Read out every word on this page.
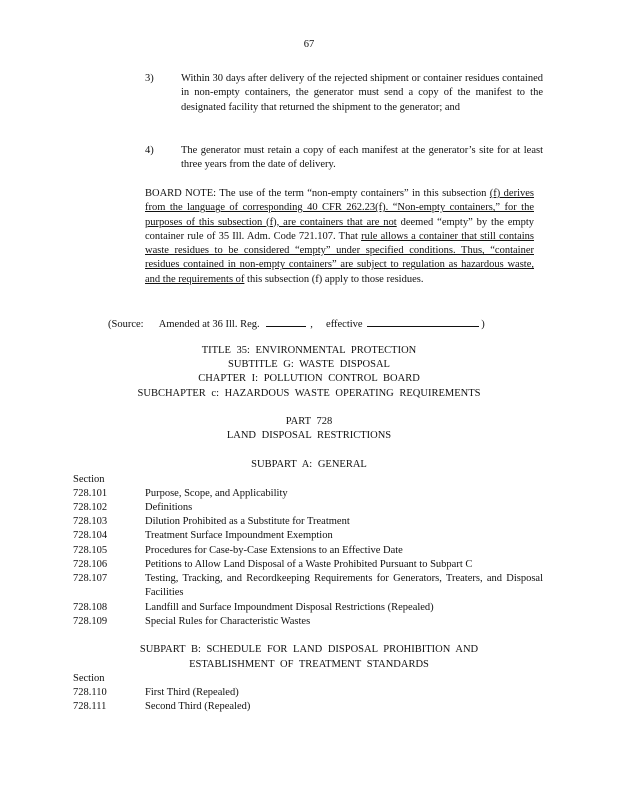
67
3)	Within 30 days after delivery of the rejected shipment or container residues contained in non-empty containers, the generator must send a copy of the manifest to the designated facility that returned the shipment to the generator; and
4)	The generator must retain a copy of each manifest at the generator’s site for at least three years from the date of delivery.
BOARD NOTE: The use of the term “non-empty containers” in this subsection (f) derives from the language of corresponding 40 CFR 262.23(f). “Non-empty containers,” for the purposes of this subsection (f), are containers that are not deemed “empty” by the empty container rule of 35 Ill. Adm. Code 721.107. That rule allows a container that still contains waste residues to be considered “empty” under specified conditions. Thus, “container residues contained in non-empty containers” are subject to regulation as hazardous waste, and the requirements of this subsection (f) apply to those residues.
(Source: Amended at 36 Ill. Reg.	, effective	)
TITLE 35: ENVIRONMENTAL PROTECTION
SUBTITLE G: WASTE DISPOSAL
CHAPTER I: POLLUTION CONTROL BOARD
SUBCHAPTER c: HAZARDOUS WASTE OPERATING REQUIREMENTS
PART 728
LAND DISPOSAL RESTRICTIONS
SUBPART A: GENERAL
Section
728.101	Purpose, Scope, and Applicability
728.102	Definitions
728.103	Dilution Prohibited as a Substitute for Treatment
728.104	Treatment Surface Impoundment Exemption
728.105	Procedures for Case-by-Case Extensions to an Effective Date
728.106	Petitions to Allow Land Disposal of a Waste Prohibited Pursuant to Subpart C
728.107	Testing, Tracking, and Recordkeeping Requirements for Generators, Treaters, and Disposal Facilities
728.108	Landfill and Surface Impoundment Disposal Restrictions (Repealed)
728.109	Special Rules for Characteristic Wastes
SUBPART B: SCHEDULE FOR LAND DISPOSAL PROHIBITION AND
ESTABLISHMENT OF TREATMENT STANDARDS
Section
728.110	First Third (Repealed)
728.111	Second Third (Repealed)
